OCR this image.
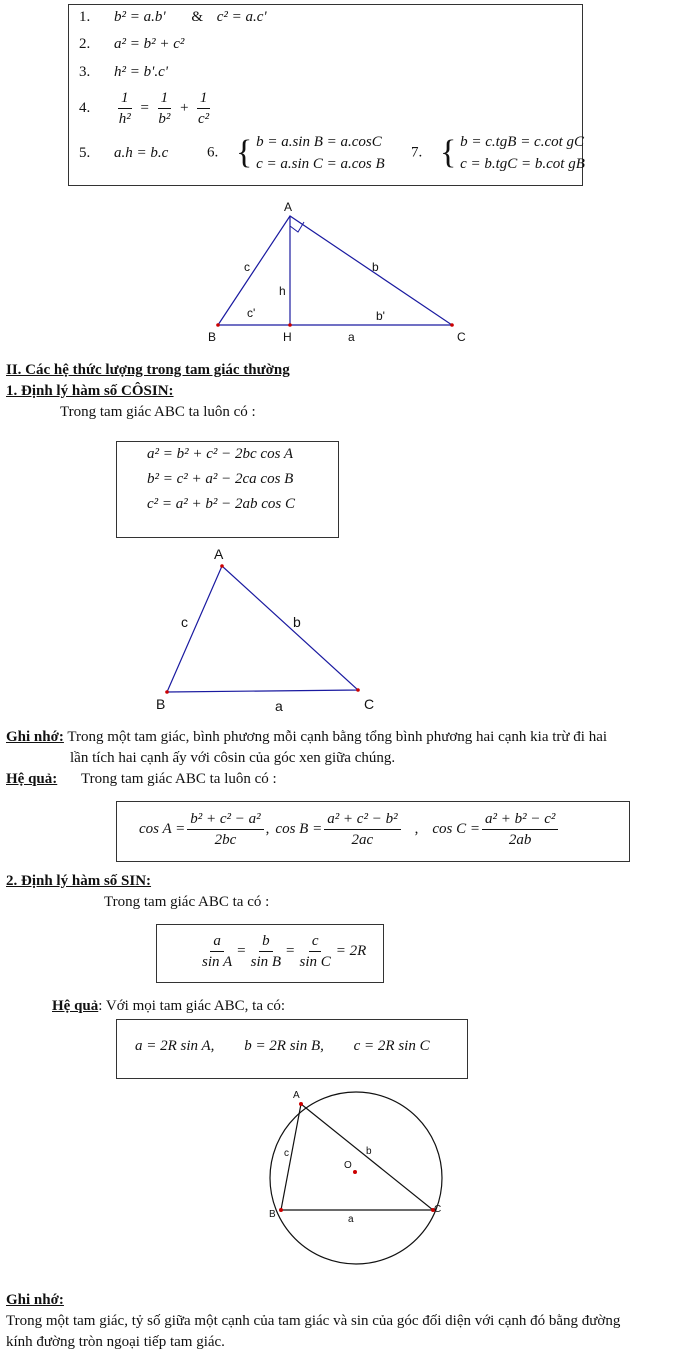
1. b² = a.b' & c² = a.c'
2. a² = b² + c²
3. h² = b'.c'
4. $\frac{1}{\text{h²}} = \frac{1}{\text{b²}} + \frac{1}{\text{c²}}$
5. a.h = b.c	6. { b = a.sin B = a.cosC
c = a.sin C = a.cos B
7. { b = c.tgB = c.cot gC
c = b.tgC = b.cot gB
A
B	C
H
c	b
h
c'	b'
a
II. Các hệ thức lượng trong tam giác thường
1. Định lý hàm số CÔSIN:
Trong tam giác ABC ta luôn có :
a² = b² + c² − 2bc cos A
b² = c² + a² − 2ca cos B
c² = a² + b² − 2ab cos C
A
B	C
c	b
a
Ghi nhớ: Trong một tam giác, bình phương mỗi cạnh bằng tổng bình phương hai cạnh kia trừ đi hai
lần tích hai cạnh ấy với côsin của góc xen giữa chúng.
Hệ quả: Trong tam giác ABC ta luôn có :
$\cos A = \frac{\text{b² + c² − a²}}{2bc}$ , $\cos B = \frac{\text{a² + c² − b²}}{2ac}$ , $\cos C = \frac{\text{a² + b² − c²}}{2ab}$
2. Định lý hàm số SIN:
Trong tam giác ABC ta có :
$\frac{a}{\text{sin A}} = \frac{b}{\text{sin B}} = \frac{c}{\text{sin C}} = 2R$
Hệ quả: Với mọi tam giác ABC, ta có:
a = 2R sin A, b = 2R sin B, c = 2R sin C
A
B	C
O
c	b
a
Ghi nhớ:
Trong một tam giác, tỷ số giữa một cạnh của tam giác và sin của góc đối diện với cạnh đó bằng đường
kính đường tròn ngoại tiếp tam giác.
